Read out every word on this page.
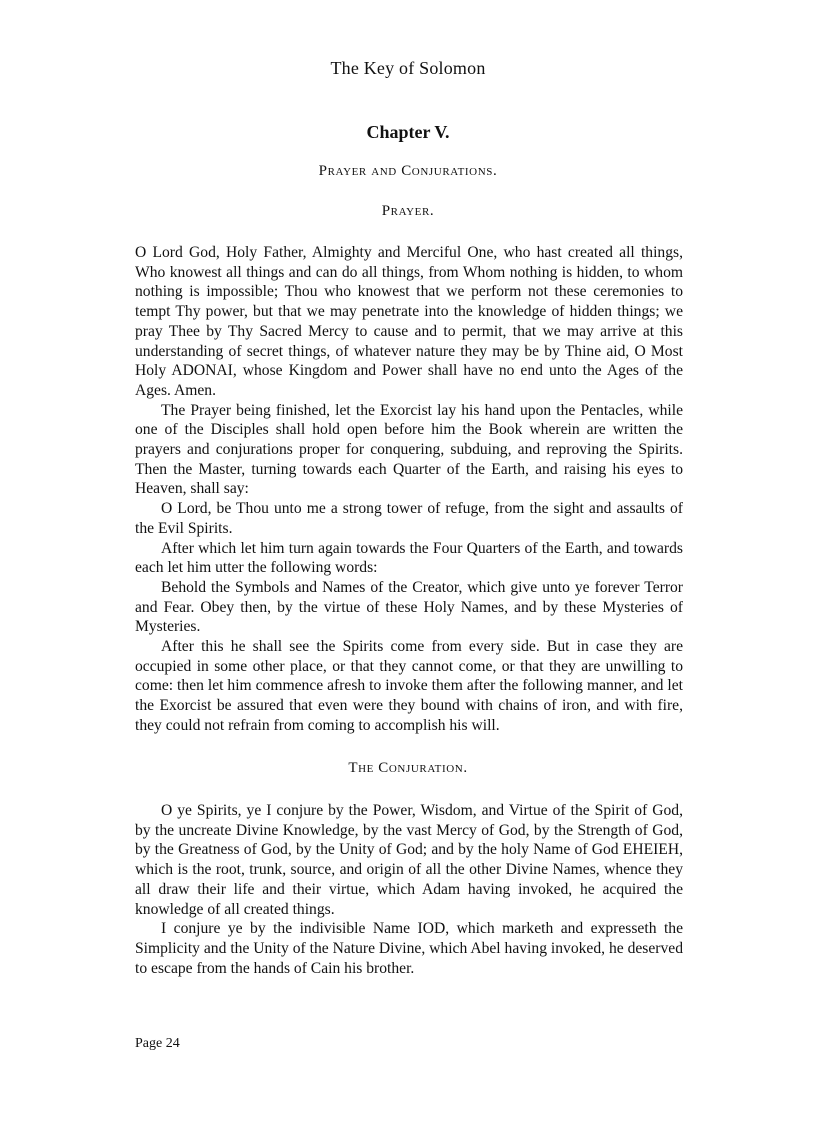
The Key of Solomon
Chapter V.
Prayer and Conjurations.
Prayer.

O Lord God, Holy Father, Almighty and Merciful One, who hast created all things, Who knowest all things and can do all things, from Whom nothing is hidden, to whom nothing is impossible; Thou who knowest that we perform not these ceremonies to tempt Thy power, but that we may penetrate into the knowledge of hidden things; we pray Thee by Thy Sacred Mercy to cause and to permit, that we may arrive at this understanding of secret things, of whatever nature they may be by Thine aid, O Most Holy ADONAI, whose Kingdom and Power shall have no end unto the Ages of the Ages. Amen.

The Prayer being finished, let the Exorcist lay his hand upon the Pentacles, while one of the Disciples shall hold open before him the Book wherein are written the prayers and conjurations proper for conquering, subduing, and reproving the Spirits. Then the Master, turning towards each Quarter of the Earth, and raising his eyes to Heaven, shall say:

O Lord, be Thou unto me a strong tower of refuge, from the sight and assaults of the Evil Spirits.

After which let him turn again towards the Four Quarters of the Earth, and towards each let him utter the following words:

Behold the Symbols and Names of the Creator, which give unto ye forever Terror and Fear. Obey then, by the virtue of these Holy Names, and by these Mysteries of Mysteries.

After this he shall see the Spirits come from every side. But in case they are occupied in some other place, or that they cannot come, or that they are unwilling to come: then let him commence afresh to invoke them after the following manner, and let the Exorcist be assured that even were they bound with chains of iron, and with fire, they could not refrain from coming to accomplish his will.

The Conjuration.

O ye Spirits, ye I conjure by the Power, Wisdom, and Virtue of the Spirit of God, by the uncreate Divine Knowledge, by the vast Mercy of God, by the Strength of God, by the Greatness of God, by the Unity of God; and by the holy Name of God EHEIEH, which is the root, trunk, source, and origin of all the other Divine Names, whence they all draw their life and their virtue, which Adam having invoked, he acquired the knowledge of all created things.

I conjure ye by the indivisible Name IOD, which marketh and expresseth the Simplicity and the Unity of the Nature Divine, which Abel having invoked, he deserved to escape from the hands of Cain his brother.

Page 24
